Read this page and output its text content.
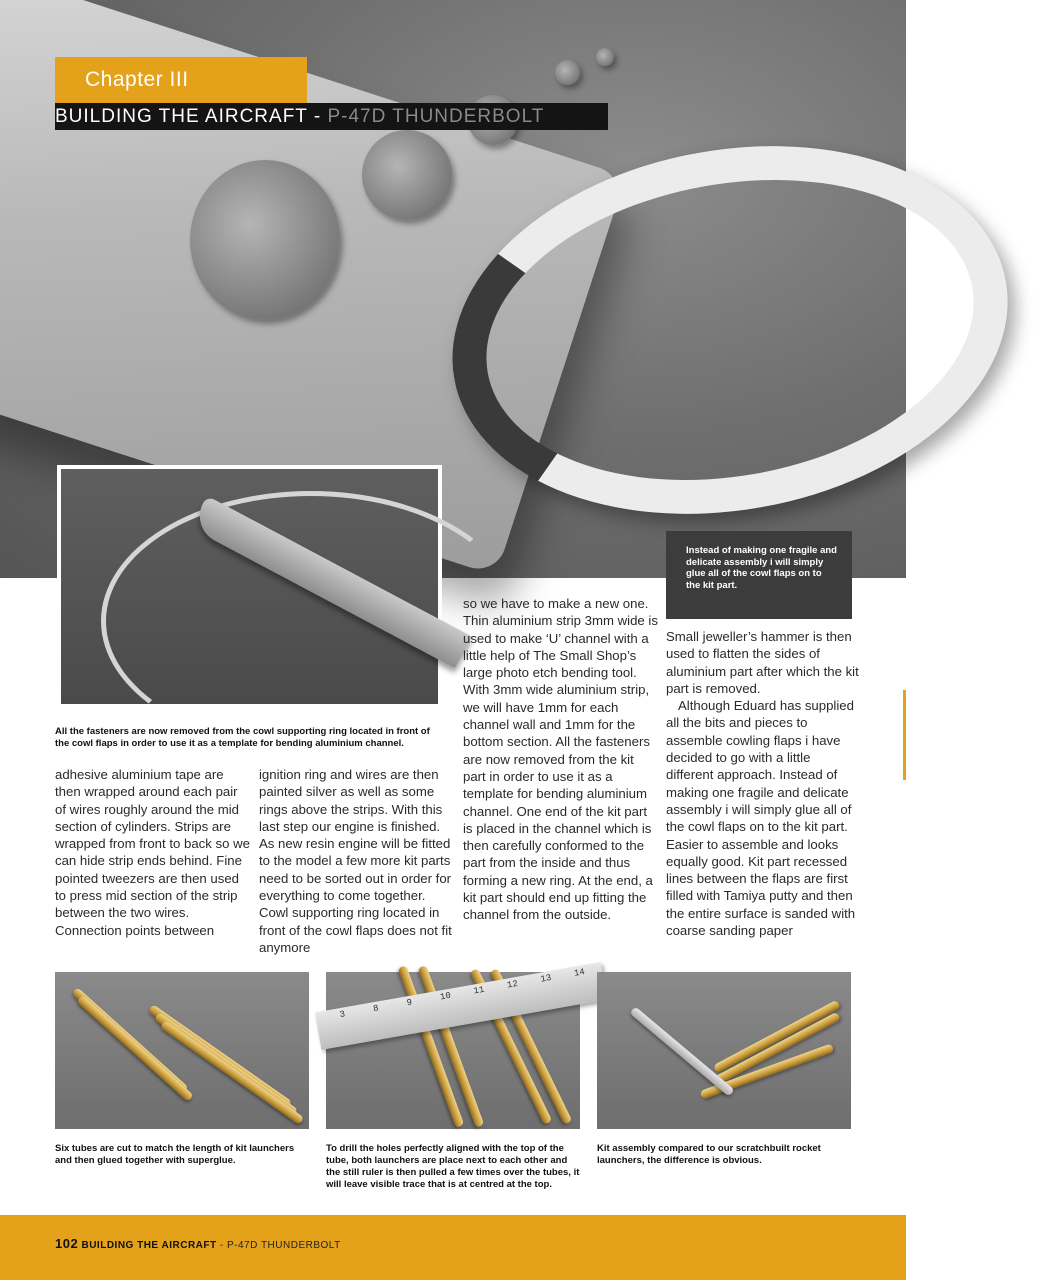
Chapter III
BUILDING THE AIRCRAFT - P-47D THUNDERBOLT
All the fasteners are now removed from the cowl supporting ring located in front of the cowl flaps in order to use it as a template for bending aluminium channel.
Instead of making one fragile and delicate assembly i will simply glue all of the cowl flaps on to the kit part.

adhesive aluminium tape are then wrapped around each pair of wires roughly around the mid section of cylinders. Strips are wrapped from front to back so we can hide strip ends behind. Fine pointed tweezers are then used to press mid section of the strip between the two wires. Connection points between

ignition ring and wires are then painted silver as well as some rings above the strips. With this last step our engine is finished. As new resin engine will be fitted to the model a few more kit parts need to be sorted out in order for everything to come together. Cowl supporting ring located in front of the cowl flaps does not fit anymore

so we have to make a new one. Thin aluminium strip 3mm wide is used to make ‘U’ channel with a little help of The Small Shop’s large photo etch bending tool. With 3mm wide aluminium strip, we will have 1mm for each channel wall and 1mm for the bottom section. All the fasteners are now removed from the kit part in order to use it as a template for bending aluminium channel. One end of the kit part is placed in the channel which is then carefully conformed to the part from the inside and thus forming a new ring. At the end, a kit part should end up fitting the channel from the outside.

Small jeweller’s hammer is then used to flatten the sides of aluminium part after which the kit part is removed.

Although Eduard has supplied all the bits and pieces to assemble cowling flaps i have decided to go with a little different approach. Instead of making one fragile and delicate assembly i will simply glue all of the cowl flaps on to the kit part. Easier to assemble and looks equally good. Kit part recessed lines between the flaps are first filled with Tamiya putty and then the entire surface is sanded with coarse sanding paper

3
8
9
10
11
12
13
14
Six tubes are cut to match the length of kit launchers and then glued together with superglue.
To drill the holes perfectly aligned with the top of the tube, both launchers are place next to each other and the still ruler is then pulled a few times over the tubes, it will leave visible trace that is at centred at the top.
Kit assembly compared to our scratchbuilt rocket launchers, the difference is obvious.
102 BUILDING THE AIRCRAFT - P-47D THUNDERBOLT
